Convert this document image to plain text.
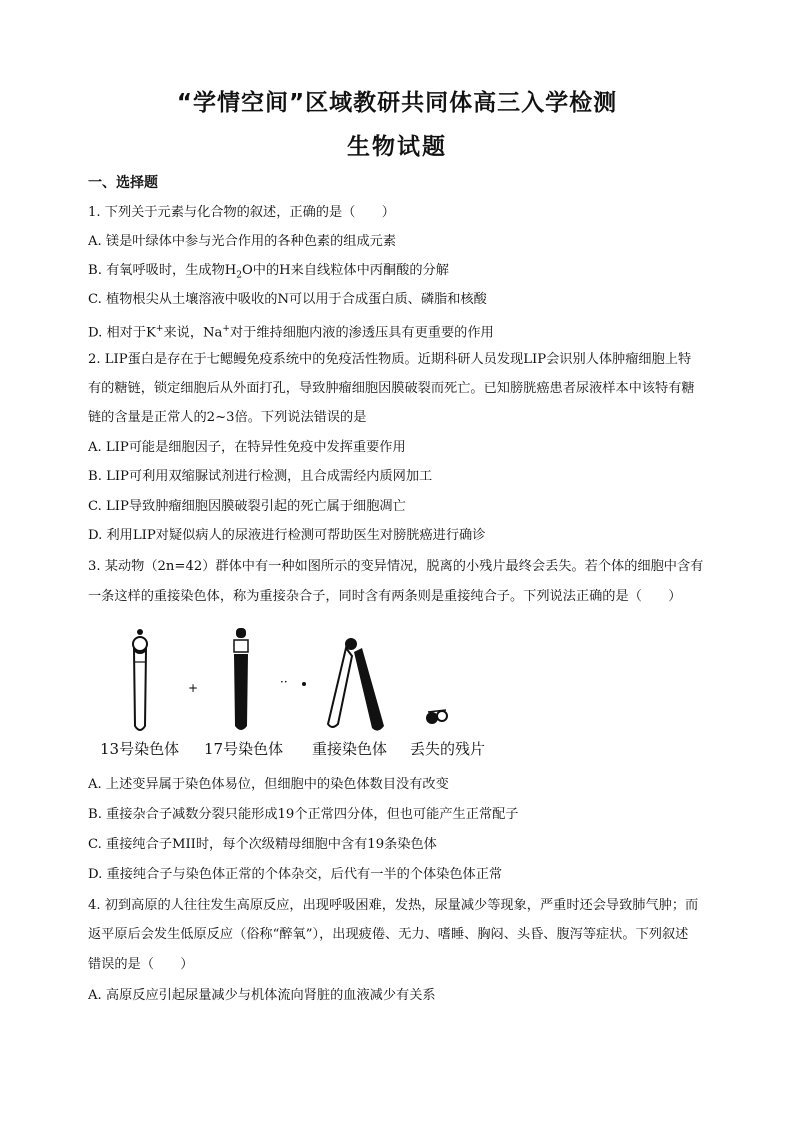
“学情空间”区域教研共同体高三入学检测
生物试题
一、选择题
1. 下列关于元素与化合物的叙述，正确的是（　　）
A. 镁是叶绿体中参与光合作用的各种色素的组成元素
B. 有氧呼吸时，生成物$H_2O$中的H来自线粒体中丙酮酸的分解
C. 植物根尖从土壤溶液中吸收的N可以用于合成蛋白质、磷脂和核酸
D. 相对于K+来说，Na+对于维持细胞内液的渗透压具有更重要的作用
2. LIP蛋白是存在于七鳃鳗免疫系统中的免疫活性物质。近期科研人员发现LIP会识别人体肿瘤细胞上特
有的糖链，锁定细胞后从外面打孔，导致肿瘤细胞因膜破裂而死亡。已知膀胱癌患者尿液样本中该特有糖
链的含量是正常人的2~3倍。下列说法错误的是
A. LIP可能是细胞因子，在特异性免疫中发挥重要作用
B. LIP可利用双缩脲试剂进行检测，且合成需经内质网加工
C. LIP导致肿瘤细胞因膜破裂引起的死亡属于细胞凋亡
D. 利用LIP对疑似病人的尿液进行检测可帮助医生对膀胱癌进行确诊
3. 某动物（2n=42）群体中有一种如图所示的变异情况，脱离的小残片最终会丢失。若个体的细胞中含有
一条这样的重接染色体，称为重接杂合子，同时含有两条则是重接纯合子。下列说法正确的是（　　）
+	··
13号染色体 17号染色体 重接染色体 丢失的残片
A. 上述变异属于染色体易位，但细胞中的染色体数目没有改变
B. 重接杂合子减数分裂只能形成19个正常四分体，但也可能产生正常配子
C. 重接纯合子MII时，每个次级精母细胞中含有19条染色体
D. 重接纯合子与染色体正常的个体杂交，后代有一半的个体染色体正常
4. 初到高原的人往往发生高原反应，出现呼吸困难，发热，尿量减少等现象，严重时还会导致肺气肿；而
返平原后会发生低原反应（俗称“醉氧”），出现疲倦、无力、嗜睡、胸闷、头昏、腹泻等症状。下列叙述
错误的是（　　）
A. 高原反应引起尿量减少与机体流向肾脏的血液减少有关系
